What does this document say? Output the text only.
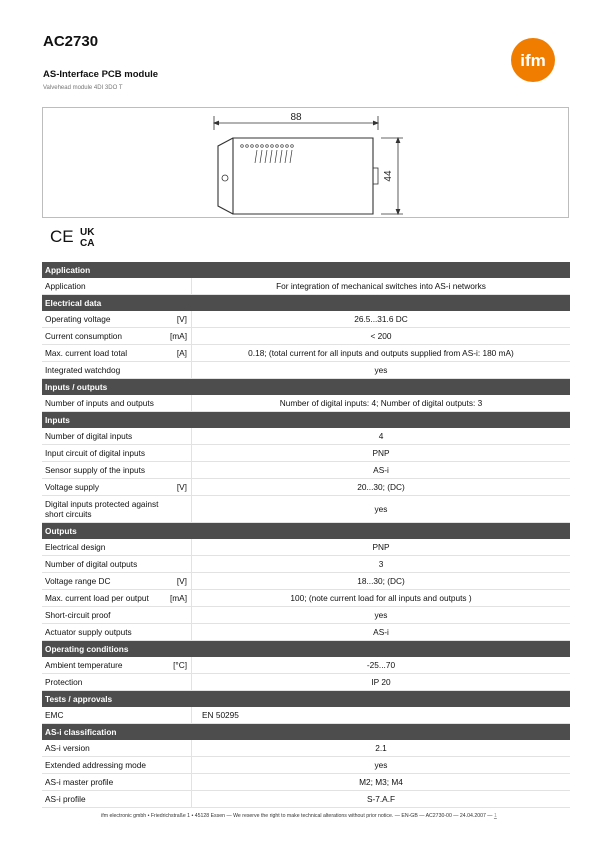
AC2730
AS-Interface PCB module
Valvehead module 4DI 3DO T
ifm
88
44
CE UK
CA
Application
Application	For integration of mechanical switches into AS-i networks
Electrical data
Operating voltage	[V]	26.5...31.6 DC
Current consumption	[mA]	< 200
Max. current load total	[A]	0.18; (total current for all inputs and outputs supplied from AS-i: 180 mA)
Integrated watchdog	yes
Inputs / outputs
Number of inputs and outputs	Number of digital inputs: 4; Number of digital outputs: 3
Inputs
Number of digital inputs	4
Input circuit of digital inputs	PNP
Sensor supply of the inputs	AS-i
Voltage supply	[V]	20...30; (DC)
Digital inputs protected against short circuits	yes
Outputs
Electrical design	PNP
Number of digital outputs	3
Voltage range DC	[V]	18...30; (DC)
Max. current load per output	[mA]	100; (note current load for all inputs and outputs )
Short-circuit proof	yes
Actuator supply outputs	AS-i
Operating conditions
Ambient temperature	[°C]	-25...70
Protection	IP 20
Tests / approvals
EMC	EN 50295
AS-i classification
AS-i version	2.1
Extended addressing mode	yes
AS-i master profile	M2; M3; M4
AS-i profile	S-7.A.F
ifm electronic gmbh • Friedrichstraße 1 • 45128 Essen — We reserve the right to make technical alterations without prior notice. — EN-GB — AC2730-00 — 24.04.2007 — 1
